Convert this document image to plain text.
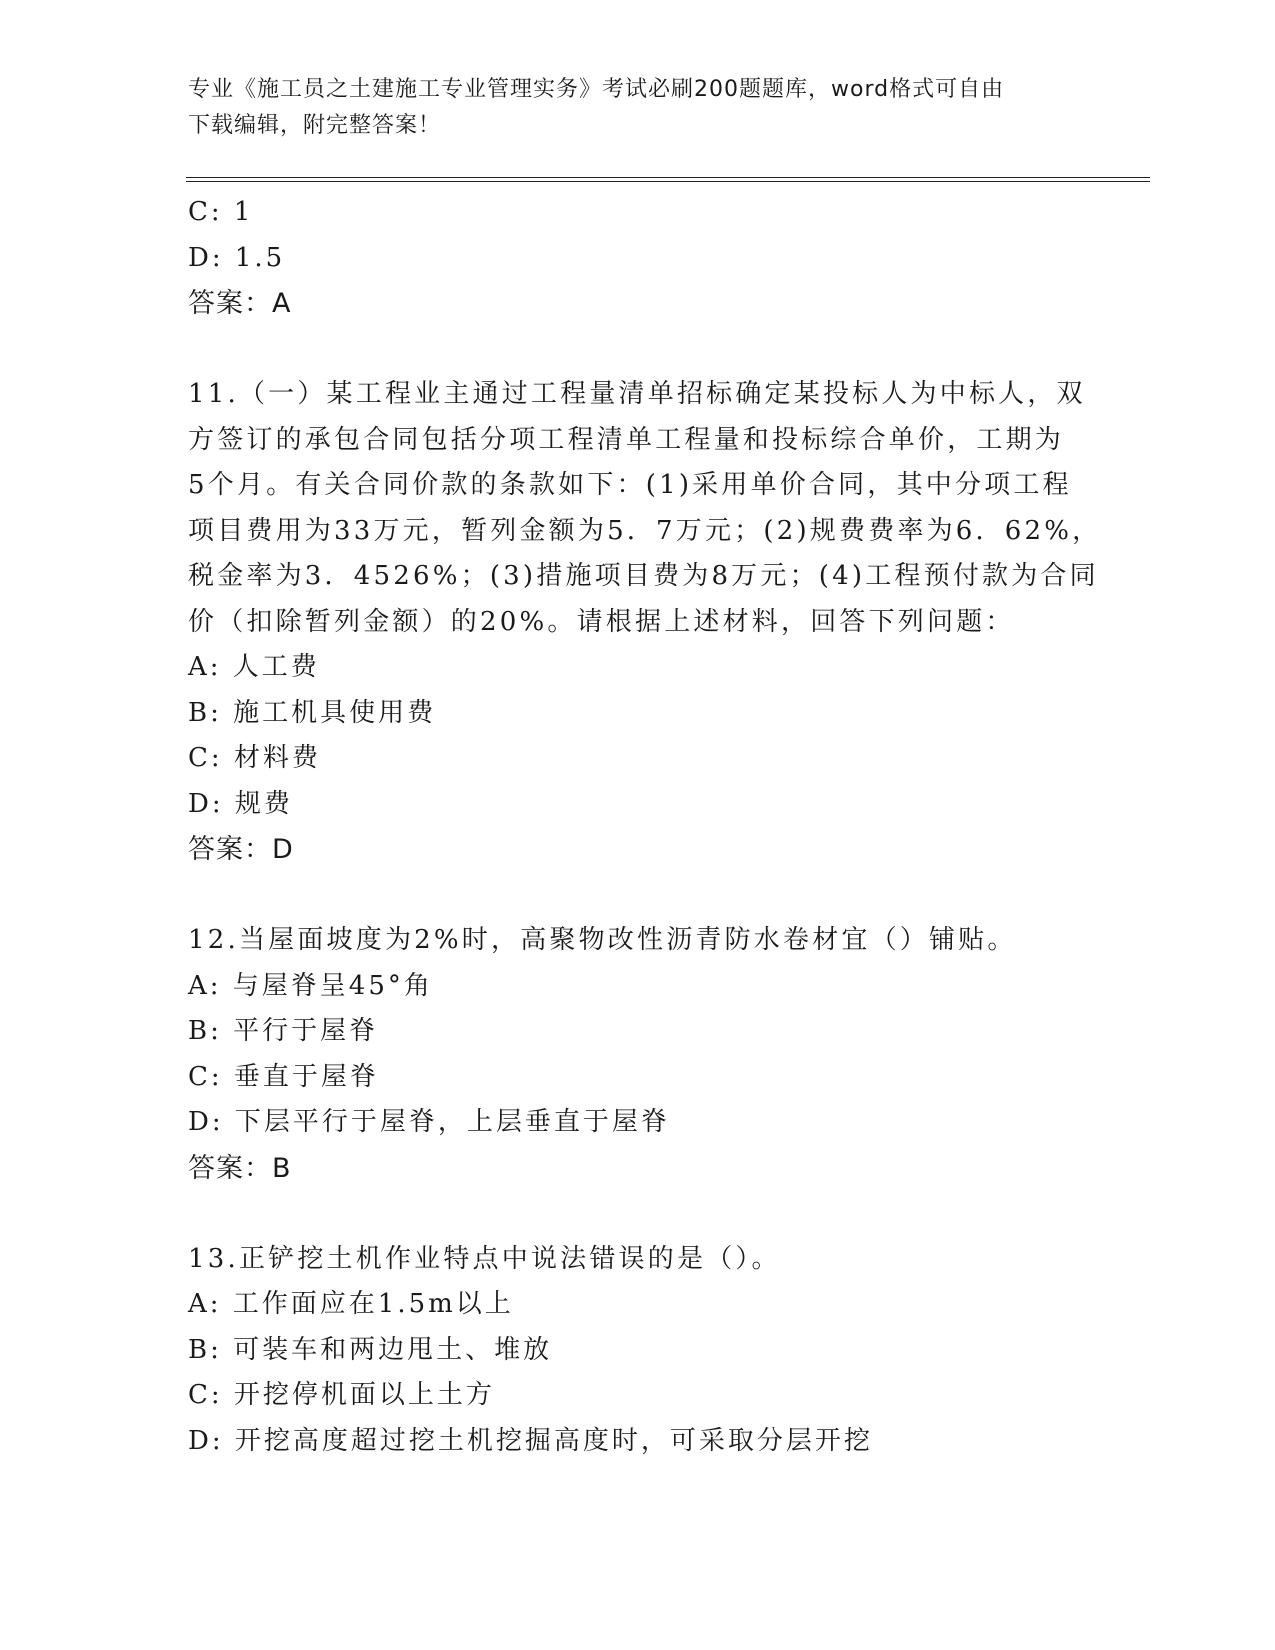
专业《施工员之土建施工专业管理实务》考试必刷200题题库，word格式可自由
下载编辑，附完整答案！
C: 1
D: 1.5
答案：A
11.（一）某工程业主通过工程量清单招标确定某投标人为中标人，双
方签订的承包合同包括分项工程清单工程量和投标综合单价，工期为
5个月。有关合同价款的条款如下：(1)采用单价合同，其中分项工程
项目费用为33万元，暂列金额为5．7万元；(2)规费费率为6．62%，
税金率为3．4526%；(3)措施项目费为8万元；(4)工程预付款为合同
价（扣除暂列金额）的20%。请根据上述材料，回答下列问题：
A: 人工费
B: 施工机具使用费
C: 材料费
D: 规费
答案：D
12.当屋面坡度为2%时，高聚物改性沥青防水卷材宜（）铺贴。
A: 与屋脊呈45°角
B: 平行于屋脊
C: 垂直于屋脊
D: 下层平行于屋脊，上层垂直于屋脊
答案：B
13.正铲挖土机作业特点中说法错误的是（）。
A: 工作面应在1.5m以上
B: 可装车和两边甩土、堆放
C: 开挖停机面以上土方
D: 开挖高度超过挖土机挖掘高度时，可采取分层开挖
